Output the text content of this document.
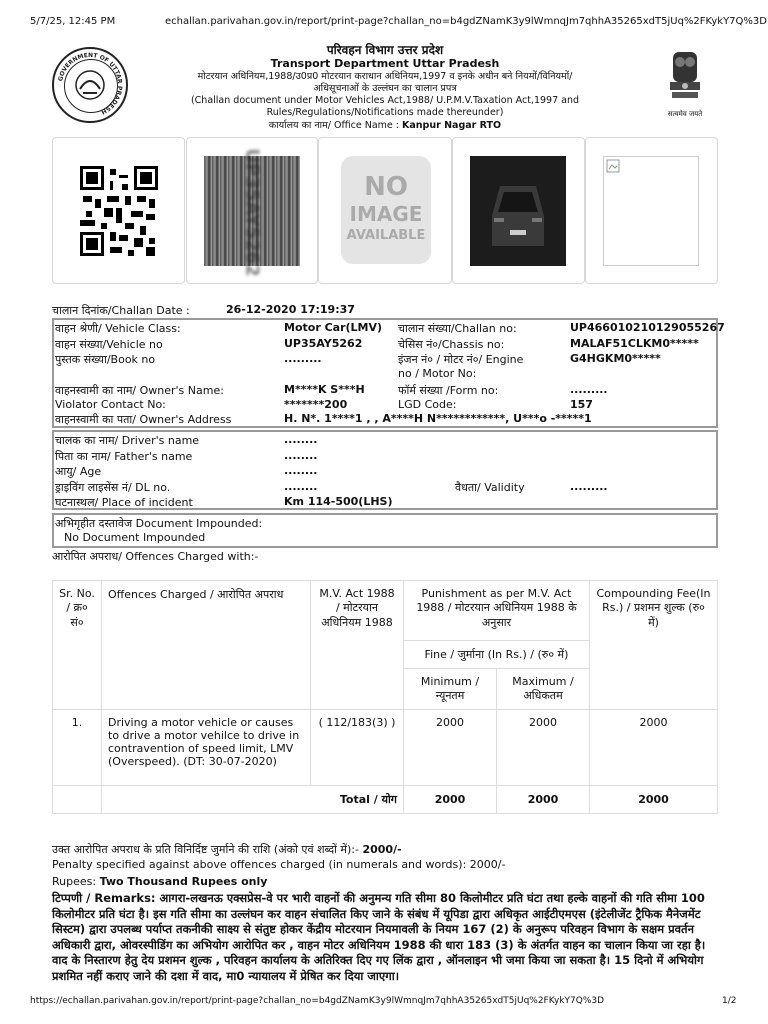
5/7/25, 12:45 PM	echallan.parivahan.gov.in/report/print-page?challan_no=b4gdZNamK3y9lWmnqJm7qhhA35265xdT5jUq%2FKykY7Q%3D
GOVERNMENT OF UTTAR PRADESH
परिवहन विभाग उत्तर प्रदेश
Transport Department Uttar Pradesh
मोटरयान अधिनियम,1988/उ0प्र0 मोटरयान कराधान अधिनियम,1997 व इनके अधीन बने नियमों/विनियमों/
अधिसूचनाओं के उल्लंघन का चालान प्रपत्र
(Challan document under Motor Vehicles Act,1988/ U.P.M.V.Taxation Act,1997 and
Rules/Regulations/Notifications made thereunder)
कार्यालय का नाम/ Office Name : Kanpur Nagar RTO
सत्यमेव जयते
UP35AY5262	NO
IMAGE
AVAILABLE
चालान दिनांक/Challan Date :	26-12-2020 17:19:37
वाहन श्रेणी/ Vehicle Class:	Motor Car(LMV) चालान संख्या/Challan no:	UP466010210129055267
वाहन संख्या/Vehicle no	UP35AY5262	चेसिस नं०/Chassis no:	MALAF51CLKM0*****
पुस्तक संख्या/Book no	.........	इंजन नं० / मोटर नं०/ Engine	G4HGKM0*****
no / Motor No:
वाहनस्वामी का नाम/ Owner's Name:	M****K S***H	फॉर्म संख्या /Form no:	.........
Violator Contact No:	*******200	LGD Code:	157
वाहनस्वामी का पता/ Owner's Address	H. N*. 1****1 , , A****H N************, U***o -*****1
चालक का नाम/ Driver's name	........
पिता का नाम/ Father's name	........
आयु/ Age	........
ड्राइविंग लाइसेंस नं/ DL no.	........	वैधता/ Validity	.........
घटनास्थल/ Place of incident	Km 114-500(LHS)
अभिगृहीत दस्तावेज Document Impounded:
No Document Impounded
आरोपित अपराध/ Offences Charged with:-
Sr. No. / क्र० सं०	Offences Charged / आरोपित अपराध	M.V. Act 1988 / मोटरयान अधिनियम 1988	Punishment as per M.V. Act 1988 / मोटरयान अधिनियम 1988 के अनुसार		Compounding Fee(In Rs.) / प्रशमन शुल्क (रु० में)
			Fine / जुर्माना (In Rs.) / (रु० में)		
			Minimum / न्यूनतम	Maximum / अधिकतम	
1.	Driving a motor vehicle or causes to drive a motor vehilce to drive in contravention of speed limit, LMV (Overspeed). (DT: 30-07-2020)	( 112/183(3) )	2000	2000	2000
	Total / योग		2000	2000	2000
उक्त आरोपित अपराध के प्रति विनिर्दिष्ट जुर्माने की राशि (अंको एवं शब्दों में):- 2000/-
Penalty specified against above offences charged (in numerals and words): 2000/-
Rupees: Two Thousand Rupees only
टिप्पणी / Remarks: आगरा-लखनऊ एक्सप्रेस-वे पर भारी वाहनों की अनुमन्य गति सीमा 80 किलोमीटर प्रति घंटा तथा हल्के वाहनों की गति सीमा 100 किलोमीटर प्रति घंटा है। इस गति सीमा का उल्लंघन कर वाहन संचालित किए जाने के संबंध में यूपिडा द्वारा अधिकृत आईटीएमएस (इंटेलीजेंट ट्रैफिक मैनेजमेंट सिस्टम) द्वारा उपलब्ध पर्याप्त तकनीकी साक्ष्य से संतुष्ट होकर केंद्रीय मोटरयान नियमावली के नियम 167 (2) के अनुरूप परिवहन विभाग के सक्षम प्रवर्तन अधिकारी द्वारा, ओवरस्पीडिंग का अभियोग आरोपित कर , वाहन मोटर अधिनियम 1988 की धारा 183 (3) के अंतर्गत वाहन का चालान किया जा रहा है। वाद के निस्तारण हेतु देय प्रशमन शुल्क , परिवहन कार्यालय के अतिरिक्त दिए गए लिंक द्वारा , ऑनलाइन भी जमा किया जा सकता है। 15 दिनो में अभियोग प्रशमित नहीं कराए जाने की दशा में वाद, मा0 न्यायालय में प्रेषित कर दिया जाएगा।
https://echallan.parivahan.gov.in/report/print-page?challan_no=b4gdZNamK3y9lWmnqJm7qhhA35265xdT5jUq%2FKykY7Q%3D	1/2
